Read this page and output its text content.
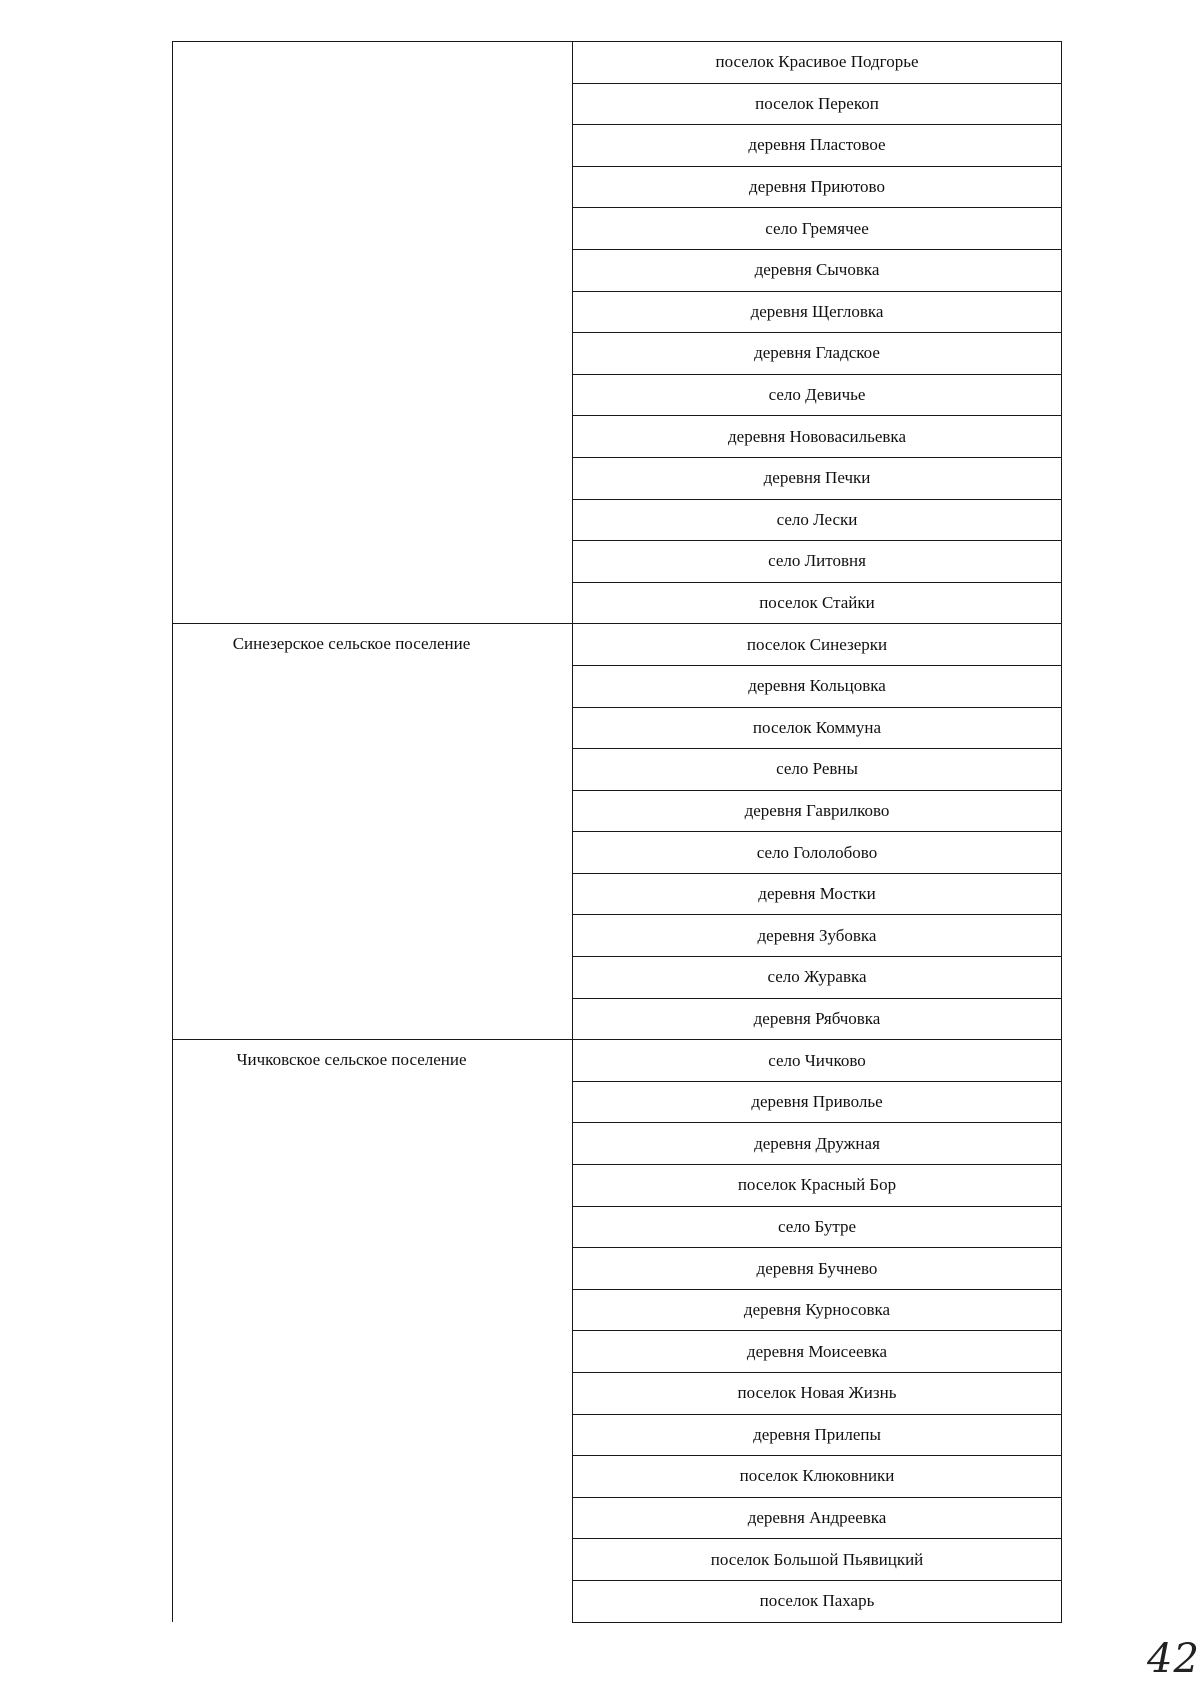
	поселок Красивое Подгорье
	поселок Перекоп
	деревня Пластовое
	деревня Приютово
	село Гремячее
	деревня Сычовка
	деревня Щегловка
	деревня Гладское
	село Девичье
	деревня Нововасильевка
	деревня Печки
	село Лески
	село Литовня
	поселок Стайки

Синезерское сельское поселение	поселок Синезерки
	деревня Кольцовка
	поселок Коммуна
	село Ревны
	деревня Гаврилково
	село Гололобово
	деревня Мостки
	деревня Зубовка
	село Журавка
	деревня Рябчовка

Чичковское сельское поселение	село Чичково
	деревня Приволье
	деревня Дружная
	поселок Красный Бор
	село Бутре
	деревня Бучнево
	деревня Курносовка
	деревня Моисеевка
	поселок Новая Жизнь
	деревня Прилепы
	поселок Клюковники
	деревня Андреевка
	поселок Большой Пьявицкий
	поселок Пахарь
42
